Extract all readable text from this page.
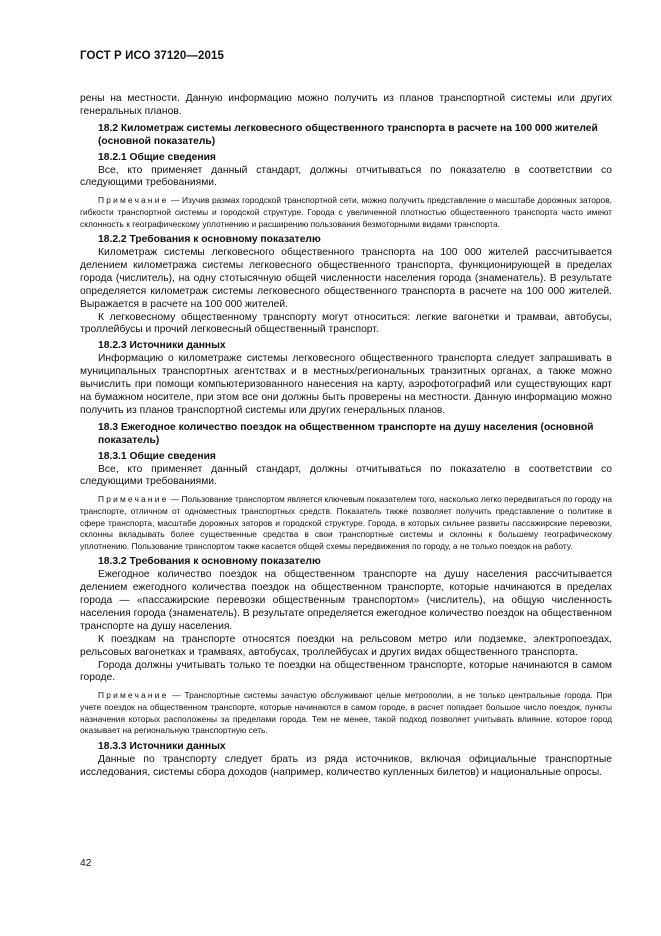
ГОСТ Р ИСО 37120—2015

рены на местности. Данную информацию можно получить из планов транспортной системы или других генеральных планов.

18.2 Километраж системы легковесного общественного транспорта в расчете на 100 000 жителей (основной показатель)
18.2.1 Общие сведения

Все, кто применяет данный стандарт, должны отчитываться по показателю в соответствии со следующими требованиями.

Примечание — Изучив размах городской транспортной сети, можно получить представление о масштабе дорожных заторов, гибкости транспортной системы и городской структуре. Города с увеличенной плотностью общественного транспорта часто имеют склонность к географическому уплотнению и расширению пользования безмоторными видами транспорта.
18.2.2 Требования к основному показателю

Километраж системы легковесного общественного транспорта на 100 000 жителей рассчитывается делением километража системы легковесного общественного транспорта, функционирующей в пределах города (числитель), на одну стотысячную общей численности населения города (знаменатель). В результате определяется километраж системы легковесного общественного транспорта в расчете на 100 000 жителей. Выражается в расчете на 100 000 жителей.

К легковесному общественному транспорту могут относиться: легкие вагонетки и трамваи, автобусы, троллейбусы и прочий легковесный общественный транспорт.

18.2.3 Источники данных

Информацию о километраже системы легковесного общественного транспорта следует запрашивать в муниципальных транспортных агентствах и в местных/региональных транзитных органах, а также можно вычислить при помощи компьютеризованного нанесения на карту, аэрофотографий или существующих карт на бумажном носителе, при этом все они должны быть проверены на местности. Данную информацию можно получить из планов транспортной системы или других генеральных планов.

18.3 Ежегодное количество поездок на общественном транспорте на душу населения (основной показатель)
18.3.1 Общие сведения

Все, кто применяет данный стандарт, должны отчитываться по показателю в соответствии со следующими требованиями.

Примечание — Пользование транспортом является ключевым показателем того, насколько легко передвигаться по городу на транспорте, отличном от одноместных транспортных средств. Показатель также позволяет получить представление о политике в сфере транспорта, масштабе дорожных заторов и городской структуре. Города, в которых сильнее развиты пассажирские перевозки, склонны вкладывать более существенные средства в свои транспортные системы и склонны к большему географическому уплотнению. Пользование транспортом также касается общей схемы передвижения по городу, а не только поездок на работу.
18.3.2 Требования к основному показателю

Ежегодное количество поездок на общественном транспорте на душу населения рассчитывается делением ежегодного количества поездок на общественном транспорте, которые начинаются в пределах города — «пассажирские перевозки общественным транспортом» (числитель), на общую численность населения города (знаменатель). В результате определяется ежегодное количество поездок на общественном транспорте на душу населения.

К поездкам на транспорте относятся поездки на рельсовом метро или подземке, электропоездах, рельсовых вагонетках и трамваях, автобусах, троллейбусах и других видах общественного транспорта.

Города должны учитывать только те поездки на общественном транспорте, которые начинаются в самом городе.

Примечание — Транспортные системы зачастую обслуживают целые метрополии, а не только центральные города. При учете поездок на общественном транспорте, которые начинаются в самом городе, в расчет попадает большое число поездок, пункты назначения которых расположены за пределами города. Тем не менее, такой подход позволяет учитывать влияние, которое город оказывает на региональную транспортную сеть.
18.3.3 Источники данных

Данные по транспорту следует брать из ряда источников, включая официальные транспортные исследования, системы сбора доходов (например, количество купленных билетов) и национальные опросы.

42
